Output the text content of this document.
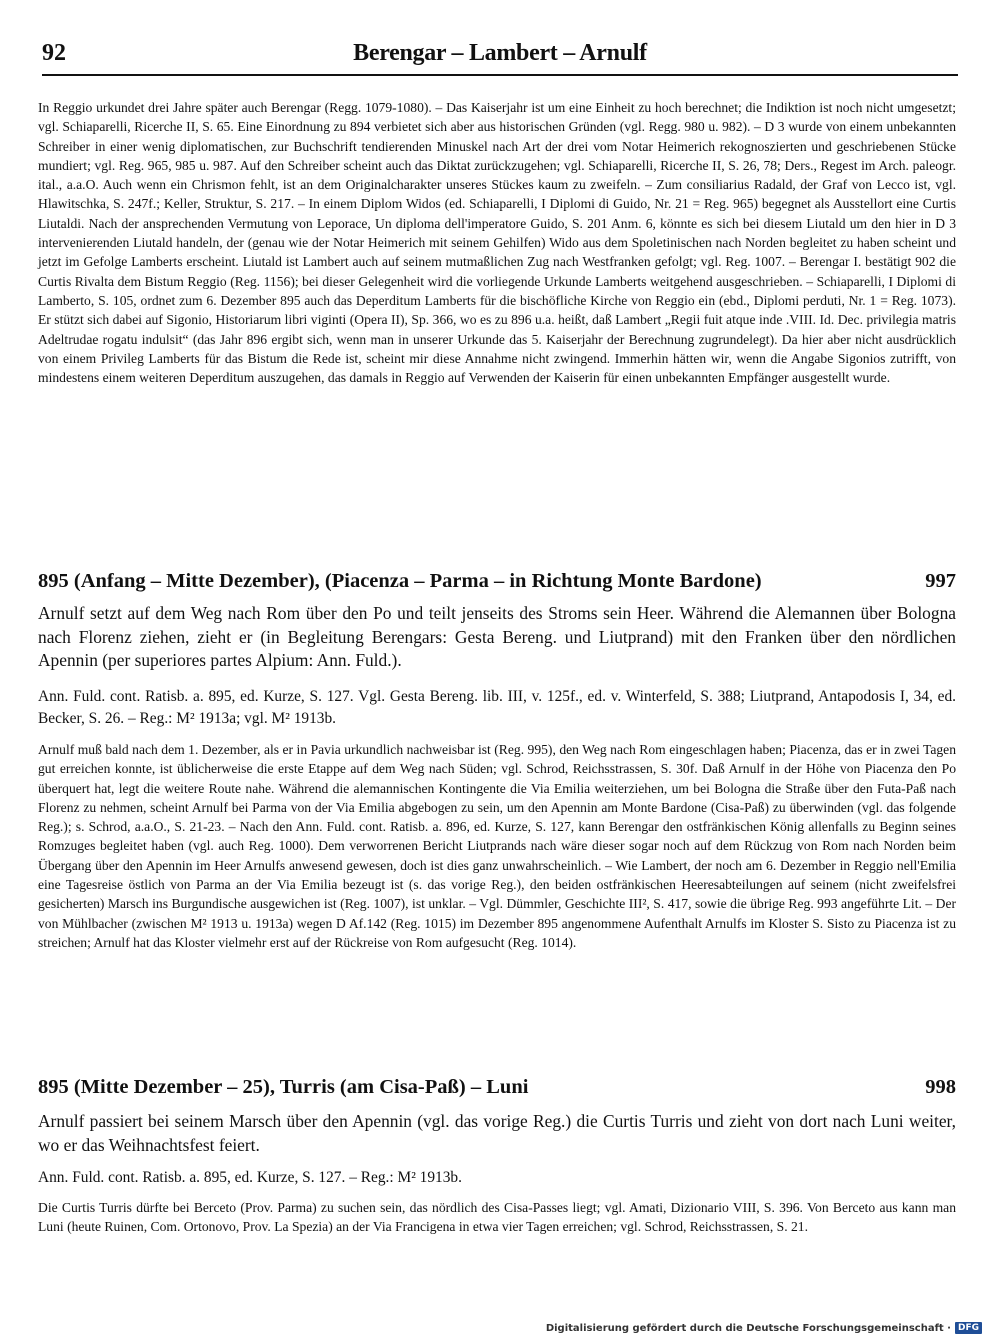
92	Berengar – Lambert – Arnulf

In Reggio urkundet drei Jahre später auch Berengar (Regg. 1079-1080). – Das Kaiserjahr ist um eine Einheit zu hoch berechnet; die Indiktion ist noch nicht umgesetzt; vgl. Schiaparelli, Ricerche II, S. 65. Eine Einordnung zu 894 verbietet sich aber aus historischen Gründen (vgl. Regg. 980 u. 982). – D 3 wurde von einem unbekannten Schreiber in einer wenig diplomatischen, zur Buchschrift tendierenden Minuskel nach Art der drei vom Notar Heimerich rekognoszierten und geschriebenen Stücke mundiert; vgl. Reg. 965, 985 u. 987. Auf den Schreiber scheint auch das Diktat zurückzugehen; vgl. Schiaparelli, Ricerche II, S. 26, 78; Ders., Regest im Arch. paleogr. ital., a.a.O. Auch wenn ein Chrismon fehlt, ist an dem Originalcharakter unseres Stückes kaum zu zweifeln. – Zum consiliarius Radald, der Graf von Lecco ist, vgl. Hlawitschka, S. 247f.; Keller, Struktur, S. 217. – In einem Diplom Widos (ed. Schiaparelli, I Diplomi di Guido, Nr. 21 = Reg. 965) begegnet als Ausstellort eine Curtis Liutaldi. Nach der ansprechenden Vermutung von Leporace, Un diploma dell'imperatore Guido, S. 201 Anm. 6, könnte es sich bei diesem Liutald um den hier in D 3 intervenierenden Liutald handeln, der (genau wie der Notar Heimerich mit seinem Gehilfen) Wido aus dem Spoletinischen nach Norden begleitet zu haben scheint und jetzt im Gefolge Lamberts erscheint. Liutald ist Lambert auch auf seinem mutmaßlichen Zug nach Westfranken gefolgt; vgl. Reg. 1007. – Berengar I. bestätigt 902 die Curtis Rivalta dem Bistum Reggio (Reg. 1156); bei dieser Gelegenheit wird die vorliegende Urkunde Lamberts weitgehend ausgeschrieben. – Schiaparelli, I Diplomi di Lamberto, S. 105, ordnet zum 6. Dezember 895 auch das Deperditum Lamberts für die bischöfliche Kirche von Reggio ein (ebd., Diplomi perduti, Nr. 1 = Reg. 1073). Er stützt sich dabei auf Sigonio, Historiarum libri viginti (Opera II), Sp. 366, wo es zu 896 u.a. heißt, daß Lambert „Regii fuit atque inde .VIII. Id. Dec. privilegia matris Adeltrudae rogatu indulsit“ (das Jahr 896 ergibt sich, wenn man in unserer Urkunde das 5. Kaiserjahr der Berechnung zugrundelegt). Da hier aber nicht ausdrücklich von einem Privileg Lamberts für das Bistum die Rede ist, scheint mir diese Annahme nicht zwingend. Immerhin hätten wir, wenn die Angabe Sigonios zutrifft, von mindestens einem weiteren Deperditum auszugehen, das damals in Reggio auf Verwenden der Kaiserin für einen unbekannten Empfänger ausgestellt wurde.

895 (Anfang – Mitte Dezember), (Piacenza – Parma – in Richtung Monte Bardone)	997

Arnulf setzt auf dem Weg nach Rom über den Po und teilt jenseits des Stroms sein Heer. Während die Alemannen über Bologna nach Florenz ziehen, zieht er (in Begleitung Berengars: Gesta Bereng. und Liutprand) mit den Franken über den nördlichen Apennin (per superiores partes Alpium: Ann. Fuld.).

Ann. Fuld. cont. Ratisb. a. 895, ed. Kurze, S. 127. Vgl. Gesta Bereng. lib. III, v. 125f., ed. v. Winterfeld, S. 388; Liutprand, Antapodosis I, 34, ed. Becker, S. 26. – Reg.: M² 1913a; vgl. M² 1913b.

Arnulf muß bald nach dem 1. Dezember, als er in Pavia urkundlich nachweisbar ist (Reg. 995), den Weg nach Rom eingeschlagen haben; Piacenza, das er in zwei Tagen gut erreichen konnte, ist üblicherweise die erste Etappe auf dem Weg nach Süden; vgl. Schrod, Reichsstrassen, S. 30f. Daß Arnulf in der Höhe von Piacenza den Po überquert hat, legt die weitere Route nahe. Während die alemannischen Kontingente die Via Emilia weiterziehen, um bei Bologna die Straße über den Futa-Paß nach Florenz zu nehmen, scheint Arnulf bei Parma von der Via Emilia abgebogen zu sein, um den Apennin am Monte Bardone (Cisa-Paß) zu überwinden (vgl. das folgende Reg.); s. Schrod, a.a.O., S. 21-23. – Nach den Ann. Fuld. cont. Ratisb. a. 896, ed. Kurze, S. 127, kann Berengar den ostfränkischen König allenfalls zu Beginn seines Romzuges begleitet haben (vgl. auch Reg. 1000). Dem verworrenen Bericht Liutprands nach wäre dieser sogar noch auf dem Rückzug von Rom nach Norden beim Übergang über den Apennin im Heer Arnulfs anwesend gewesen, doch ist dies ganz unwahrscheinlich. – Wie Lambert, der noch am 6. Dezember in Reggio nell'Emilia eine Tagesreise östlich von Parma an der Via Emilia bezeugt ist (s. das vorige Reg.), den beiden ostfränkischen Heeresabteilungen auf seinem (nicht zweifelsfrei gesicherten) Marsch ins Burgundische ausgewichen ist (Reg. 1007), ist unklar. – Vgl. Dümmler, Geschichte III², S. 417, sowie die übrige Reg. 993 angeführte Lit. – Der von Mühlbacher (zwischen M² 1913 u. 1913a) wegen D Af.142 (Reg. 1015) im Dezember 895 angenommene Aufenthalt Arnulfs im Kloster S. Sisto zu Piacenza ist zu streichen; Arnulf hat das Kloster vielmehr erst auf der Rückreise von Rom aufgesucht (Reg. 1014).

895 (Mitte Dezember – 25), Turris (am Cisa-Paß) – Luni	998

Arnulf passiert bei seinem Marsch über den Apennin (vgl. das vorige Reg.) die Curtis Turris und zieht von dort nach Luni weiter, wo er das Weihnachtsfest feiert.

Ann. Fuld. cont. Ratisb. a. 895, ed. Kurze, S. 127. – Reg.: M² 1913b.

Die Curtis Turris dürfte bei Berceto (Prov. Parma) zu suchen sein, das nördlich des Cisa-Passes liegt; vgl. Amati, Dizionario VIII, S. 396. Von Berceto aus kann man Luni (heute Ruinen, Com. Ortonovo, Prov. La Spezia) an der Via Francigena in etwa vier Tagen erreichen; vgl. Schrod, Reichsstrassen, S. 21.

Digitalisierung gefördert durch die Deutsche Forschungsgemeinschaft · DFG
